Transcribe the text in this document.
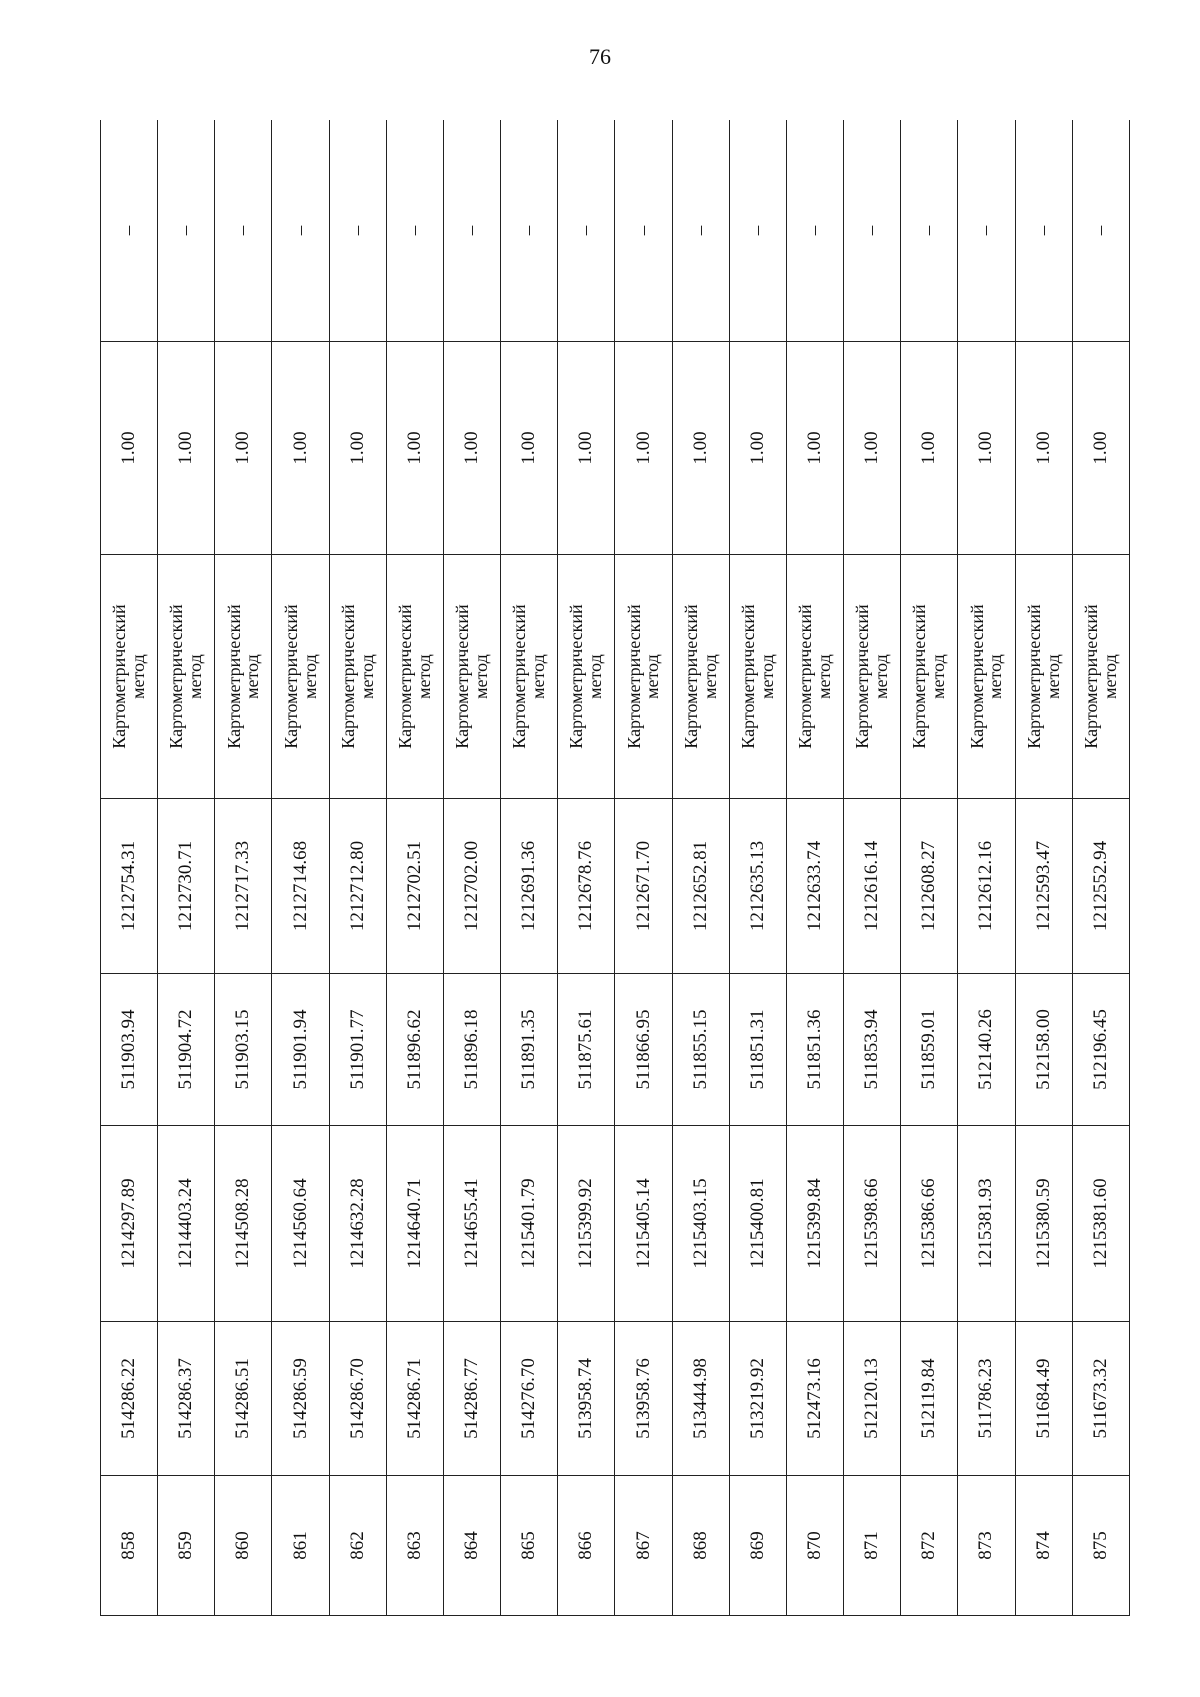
76
858	514286.22	1214297.89	511903.94	1212754.31	Картометрический
метод	1.00	–
859	514286.37	1214403.24	511904.72	1212730.71	Картометрический
метод	1.00	–
860	514286.51	1214508.28	511903.15	1212717.33	Картометрический
метод	1.00	–
861	514286.59	1214560.64	511901.94	1212714.68	Картометрический
метод	1.00	–
862	514286.70	1214632.28	511901.77	1212712.80	Картометрический
метод	1.00	–
863	514286.71	1214640.71	511896.62	1212702.51	Картометрический
метод	1.00	–
864	514286.77	1214655.41	511896.18	1212702.00	Картометрический
метод	1.00	–
865	514276.70	1215401.79	511891.35	1212691.36	Картометрический
метод	1.00	–
866	513958.74	1215399.92	511875.61	1212678.76	Картометрический
метод	1.00	–
867	513958.76	1215405.14	511866.95	1212671.70	Картометрический
метод	1.00	–
868	513444.98	1215403.15	511855.15	1212652.81	Картометрический
метод	1.00	–
869	513219.92	1215400.81	511851.31	1212635.13	Картометрический
метод	1.00	–
870	512473.16	1215399.84	511851.36	1212633.74	Картометрический
метод	1.00	–
871	512120.13	1215398.66	511853.94	1212616.14	Картометрический
метод	1.00	–
872	512119.84	1215386.66	511859.01	1212608.27	Картометрический
метод	1.00	–
873	511786.23	1215381.93	512140.26	1212612.16	Картометрический
метод	1.00	–
874	511684.49	1215380.59	512158.00	1212593.47	Картометрический
метод	1.00	–
875	511673.32	1215381.60	512196.45	1212552.94	Картометрический
метод	1.00	–
